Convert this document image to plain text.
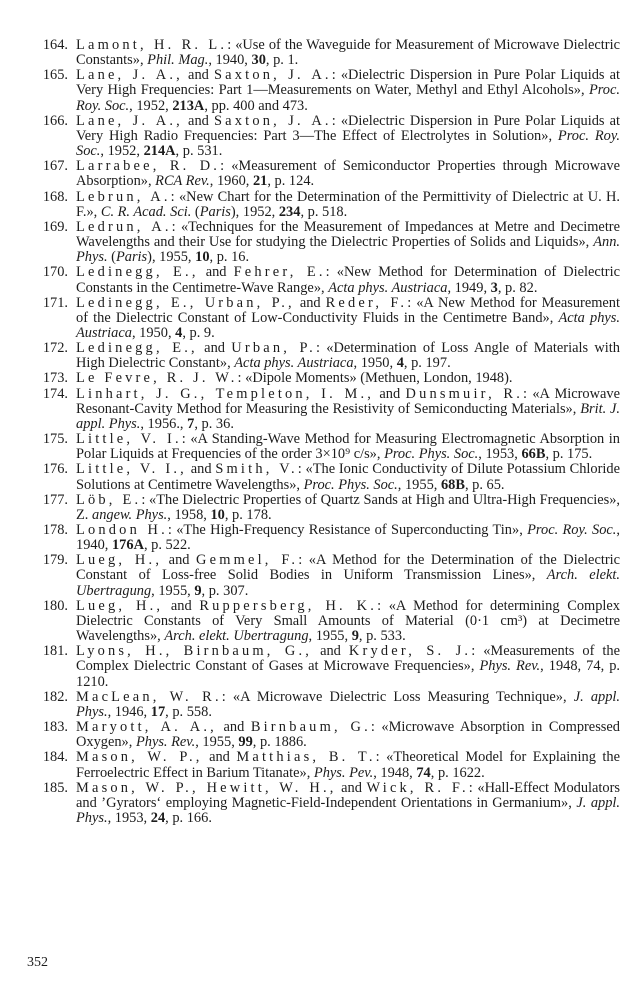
164. Lamont, H. R. L.: «Use of the Waveguide for Measurement of Microwave Dielectric Constants», Phil. Mag., 1940, 30, p. 1.
165. Lane, J. A., and Saxton, J. A.: «Dielectric Dispersion in Pure Polar Liquids at Very High Frequencies: Part 1—Measurements on Water, Methyl and Ethyl Alcohols», Proc. Roy. Soc., 1952, 213A, pp. 400 and 473.
166. Lane, J. A., and Saxton, J. A.: «Dielectric Dispersion in Pure Polar Liquids at Very High Radio Frequencies: Part 3—The Effect of Electrolytes in Solution», Proc. Roy. Soc., 1952, 214A, p. 531.
167. Larrabee, R. D.: «Measurement of Semiconductor Properties through Microwave Absorption», RCA Rev., 1960, 21, p. 124.
168. Lebrun, A.: «New Chart for the Determination of the Permittivity of Dielectric at U. H. F.», C. R. Acad. Sci. (Paris), 1952, 234, p. 518.
169. Ledrun, A.: «Techniques for the Measurement of Impedances at Metre and Decimetre Wavelengths and their Use for studying the Dielectric Properties of Solids and Liquids», Ann. Phys. (Paris), 1955, 10, p. 16.
170. Ledinegg, E., and Fehrer, E.: «New Method for Determination of Dielectric Constants in the Centimetre-Wave Range», Acta phys. Austriaca, 1949, 3, p. 82.
171. Ledinegg, E., Urban, P., and Reder, F.: «A New Method for Measurement of the Dielectric Constant of Low-Conductivity Fluids in the Centimetre Band», Acta phys. Austriaca, 1950, 4, p. 9.
172. Ledinegg, E., and Urban, P.: «Determination of Loss Angle of Materials with High Dielectric Constant», Acta phys. Austriaca, 1950, 4, p. 197.
173. Le Fevre, R. J. W.: «Dipole Moments» (Methuen, London, 1948).
174. Linhart, J. G., Templeton, I. M., and Dunsmuir, R.: «A Microwave Resonant-Cavity Method for Measuring the Resistivity of Semiconducting Materials», Brit. J. appl. Phys., 1956., 7, p. 36.
175. Little, V. I.: «A Standing-Wave Method for Measuring Electromagnetic Absorption in Polar Liquids at Frequencies of the order 3×10⁹ c/s», Proc. Phys. Soc., 1953, 66B, p. 175.
176. Little, V. I., and Smith, V.: «The Ionic Conductivity of Dilute Potassium Chloride Solutions at Centimetre Wavelengths», Proc. Phys. Soc., 1955, 68B, p. 65.
177. Löb, E.: «The Dielectric Properties of Quartz Sands at High and Ultra-High Frequencies», Z. angew. Phys., 1958, 10, p. 178.
178. London H.: «The High-Frequency Resistance of Superconducting Tin», Proc. Roy. Soc., 1940, 176A, p. 522.
179. Lueg, H., and Gemmel, F.: «A Method for the Determination of the Dielectric Constant of Loss-free Solid Bodies in Uniform Transmission Lines», Arch. elekt. Ubertragung, 1955, 9, p. 307.
180. Lueg, H., and Ruppersberg, H. K.: «A Method for determining Complex Dielectric Constants of Very Small Amounts of Material (0·1 cm³) at Decimetre Wavelengths», Arch. elekt. Ubertragung, 1955, 9, p. 533.
181. Lyons, H., Birnbaum, G., and Kryder, S. J.: «Measurements of the Complex Dielectric Constant of Gases at Microwave Frequencies», Phys. Rev., 1948, 74, p. 1210.
182. MacLean, W. R.: «A Microwave Dielectric Loss Measuring Technique», J. appl. Phys., 1946, 17, p. 558.
183. Maryott, A. A., and Birnbaum, G.: «Microwave Absorption in Compressed Oxygen», Phys. Rev., 1955, 99, p. 1886.
184. Mason, W. P., and Matthias, B. T.: «Theoretical Model for Explaining the Ferroelectric Effect in Barium Titanate», Phys. Pev., 1948, 74, p. 1622.
185. Mason, W. P., Hewitt, W. H., and Wick, R. F.: «Hall-Effect Modulators and ’Gyrators‘ employing Magnetic-Field-Independent Orientations in Germanium», J. appl. Phys., 1953, 24, p. 166.
352
